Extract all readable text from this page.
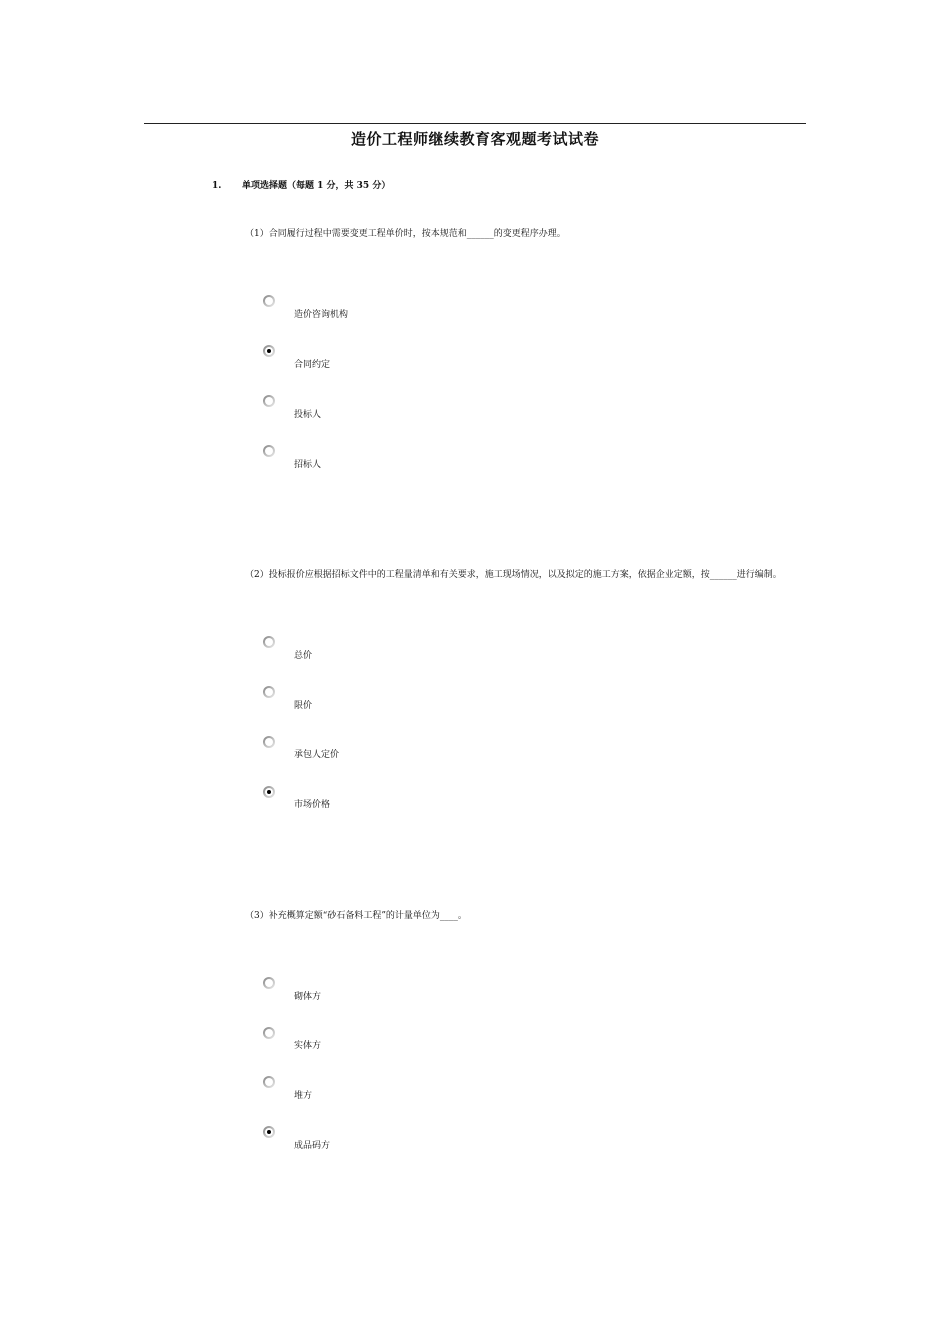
造价工程师继续教育客观题考试试卷
1. 单项选择题（每题 1 分，共 35 分）
（1）合同履行过程中需要变更工程单价时，按本规范和______的变更程序办理。
造价咨询机构
合同约定
投标人
招标人
（2）投标报价应根据招标文件中的工程量清单和有关要求，施工现场情况，以及拟定的施工方案，依据企业定额，按______进行编制。
总价
限价
承包人定价
市场价格
（3）补充概算定额“砂石备料工程”的计量单位为____。
砌体方
实体方
堆方
成品码方
